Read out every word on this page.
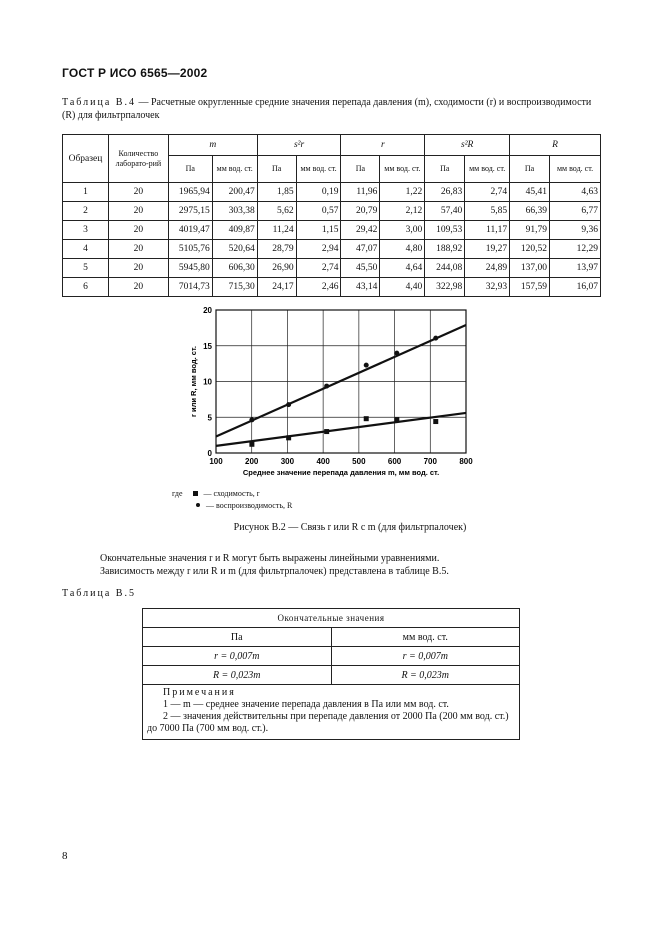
ГОСТ Р ИСО 6565—2002
Таблица В.4 — Расчетные округленные средние значения перепада давления (m), сходимости (r) и воспроизводимости (R) для фильтрпалочек
Образец	Количество лаборато-рий	m		s²r		r		s²R		R	
		Па	мм вод. ст.	Па	мм вод. ст.	Па	мм вод. ст.	Па	мм вод. ст.	Па	мм вод. ст.
1	20	1965,94	200,47	1,85	0,19	11,96	1,22	26,83	2,74	45,41	4,63
2	20	2975,15	303,38	5,62	0,57	20,79	2,12	57,40	5,85	66,39	6,77
3	20	4019,47	409,87	11,24	1,15	29,42	3,00	109,53	11,17	91,79	9,36
4	20	5105,76	520,64	28,79	2,94	47,07	4,80	188,92	19,27	120,52	12,29
5	20	5945,80	606,30	26,90	2,74	45,50	4,64	244,08	24,89	137,00	13,97
6	20	7014,73	715,30	24,17	2,46	43,14	4,40	322,98	32,93	157,59	16,07
100	200	300	400	500	600	700	800
0
5
10
15
20
Среднее значение перепада давления m, мм вод. ст.
r или R, мм вод. ст.
где	— сходимость, r
— воспроизводимость, R
Рисунок В.2 — Связь r или R с m (для фильтрпалочек)
Окончательные значения r и R могут быть выражены линейными уравнениями.
Зависимость между r или R и m (для фильтрпалочек) представлена в таблице В.5.
Таблица В.5
Окончательные значения	
Па	мм вод. ст.
r = 0,007m	r = 0,007m
R = 0,023m	R = 0,023m

Примечания
1 — m — среднее значение перепада давления в Па или мм вод. ст.
2 — значения действительны при перепаде давления от 2000 Па (200 мм вод. ст.) до 7000 Па (700 мм вод. ст.).	
8
